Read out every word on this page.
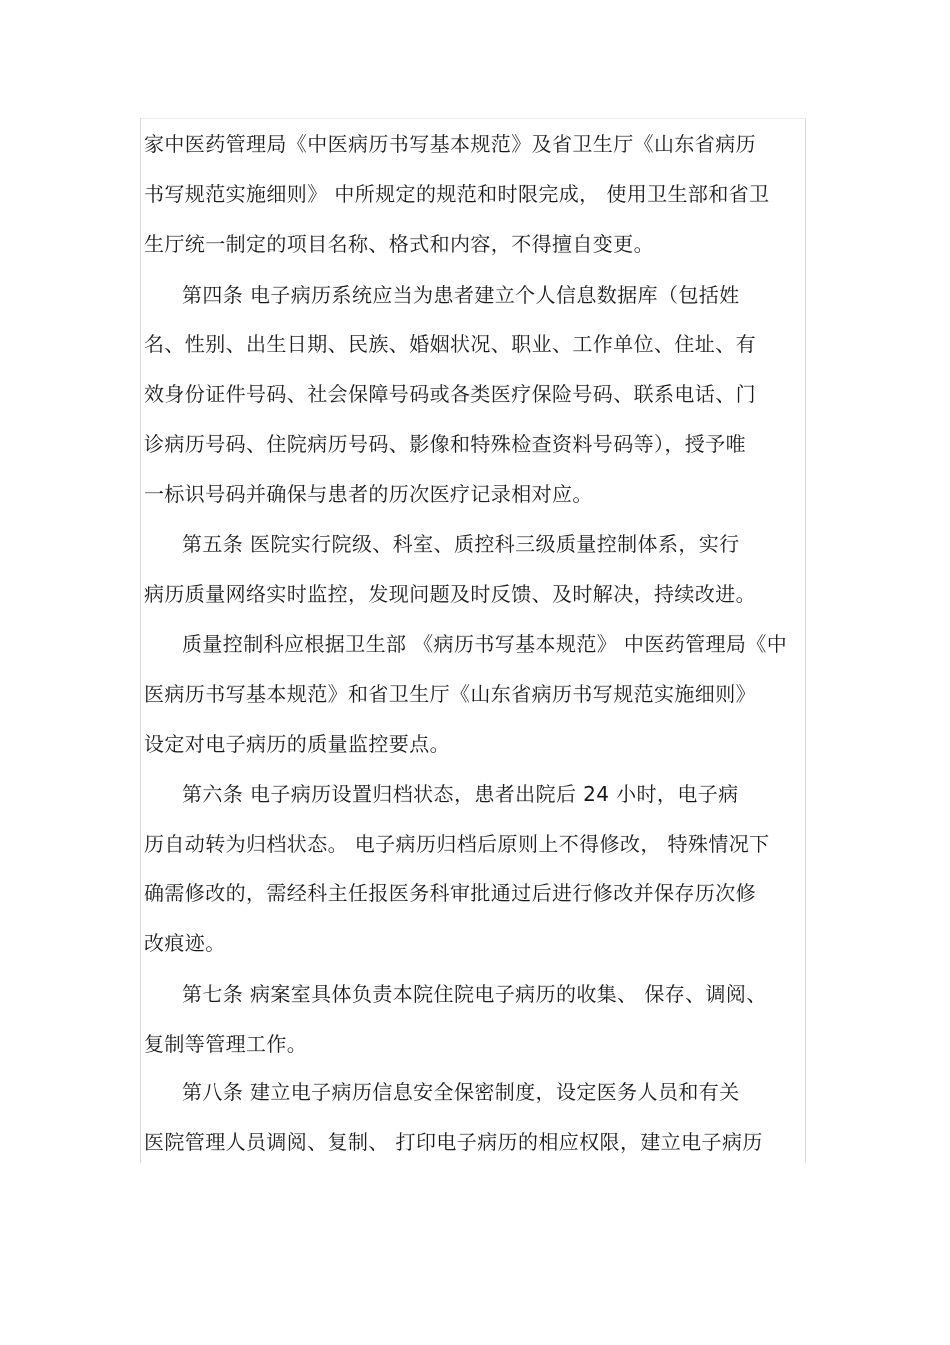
家中医药管理局《中医病历书写基本规范》及省卫生厅《山东省病历
书写规范实施细则》 中所规定的规范和时限完成， 使用卫生部和省卫
生厅统一制定的项目名称、格式和内容，不得擅自变更。
第四条 电子病历系统应当为患者建立个人信息数据库（包括姓
名、性别、出生日期、民族、婚姻状况、职业、工作单位、住址、有
效身份证件号码、社会保障号码或各类医疗保险号码、联系电话、门
诊病历号码、住院病历号码、影像和特殊检查资料号码等），授予唯
一标识号码并确保与患者的历次医疗记录相对应。
第五条 医院实行院级、科室、质控科三级质量控制体系，实行
病历质量网络实时监控，发现问题及时反馈、及时解决，持续改进。
质量控制科应根据卫生部 《病历书写基本规范》 中医药管理局《中
医病历书写基本规范》和省卫生厅《山东省病历书写规范实施细则》
设定对电子病历的质量监控要点。
第六条 电子病历设置归档状态，患者出院后 24 小时，电子病
历自动转为归档状态。 电子病历归档后原则上不得修改， 特殊情况下
确需修改的，需经科主任报医务科审批通过后进行修改并保存历次修
改痕迹。
第七条 病案室具体负责本院住院电子病历的收集、 保存、调阅、
复制等管理工作。
第八条 建立电子病历信息安全保密制度，设定医务人员和有关
医院管理人员调阅、复制、 打印电子病历的相应权限，建立电子病历
